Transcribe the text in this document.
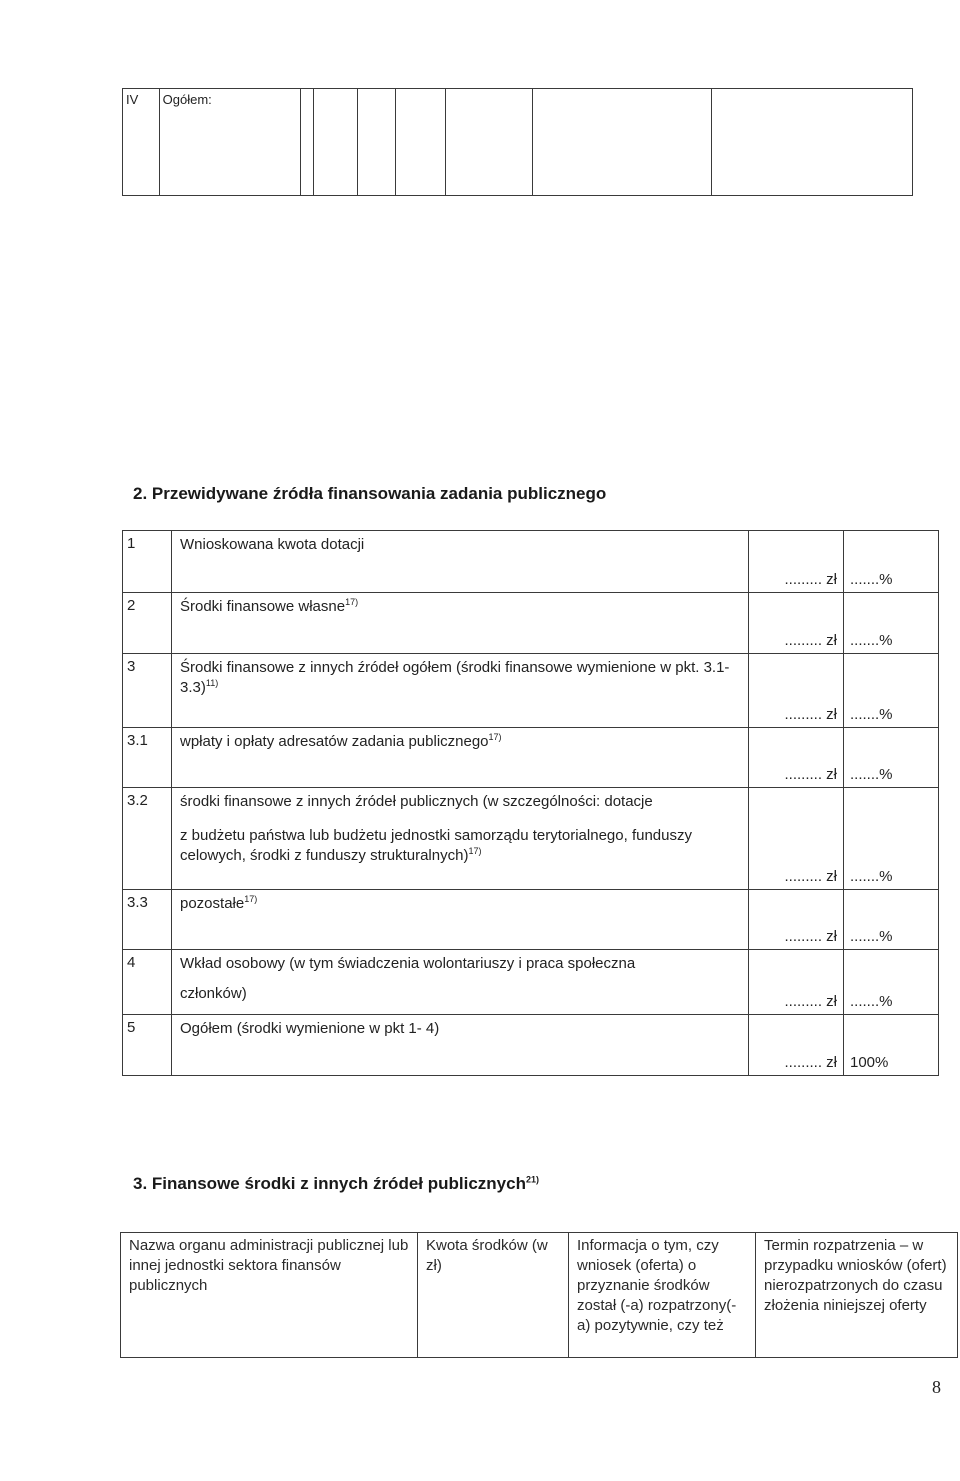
IV	Ogółem:							
2. Przewidywane źródła finansowania zadania publicznego
1	Wnioskowana kwota dotacji	......... zł	.......%
2	Środki finansowe własne$^{17)}$	......... zł	.......%
3	Środki finansowe z innych źródeł ogółem (środki finansowe wymienione w pkt. 3.1-3.3)$^{11)}$	......... zł	.......%
3.1	wpłaty i opłaty adresatów zadania publicznego$^{17)}$	......... zł	.......%
3.2	środki finansowe z innych źródeł publicznych (w szczególności: dotacje
z budżetu państwa lub budżetu jednostki samorządu terytorialnego, funduszy celowych, środki z funduszy strukturalnych)$^{17)}$	......... zł	.......%
3.3	pozostałe$^{17)}$	......... zł	.......%
4	Wkład osobowy (w tym świadczenia wolontariuszy i praca społeczna
członków)	......... zł	.......%
5	Ogółem (środki wymienione w pkt 1- 4)	......... zł	100%
3. Finansowe środki z innych źródeł publicznych$^{21)}$
Nazwa organu administracji publicznej lub innej jednostki sektora finansów publicznych	Kwota środków (w zł)	Informacja o tym, czy wniosek (oferta) o przyznanie środków został (-a) rozpatrzony(-a) pozytywnie, czy też	Termin rozpatrzenia – w przypadku wniosków (ofert) nierozpatrzonych do czasu złożenia niniejszej oferty
8
